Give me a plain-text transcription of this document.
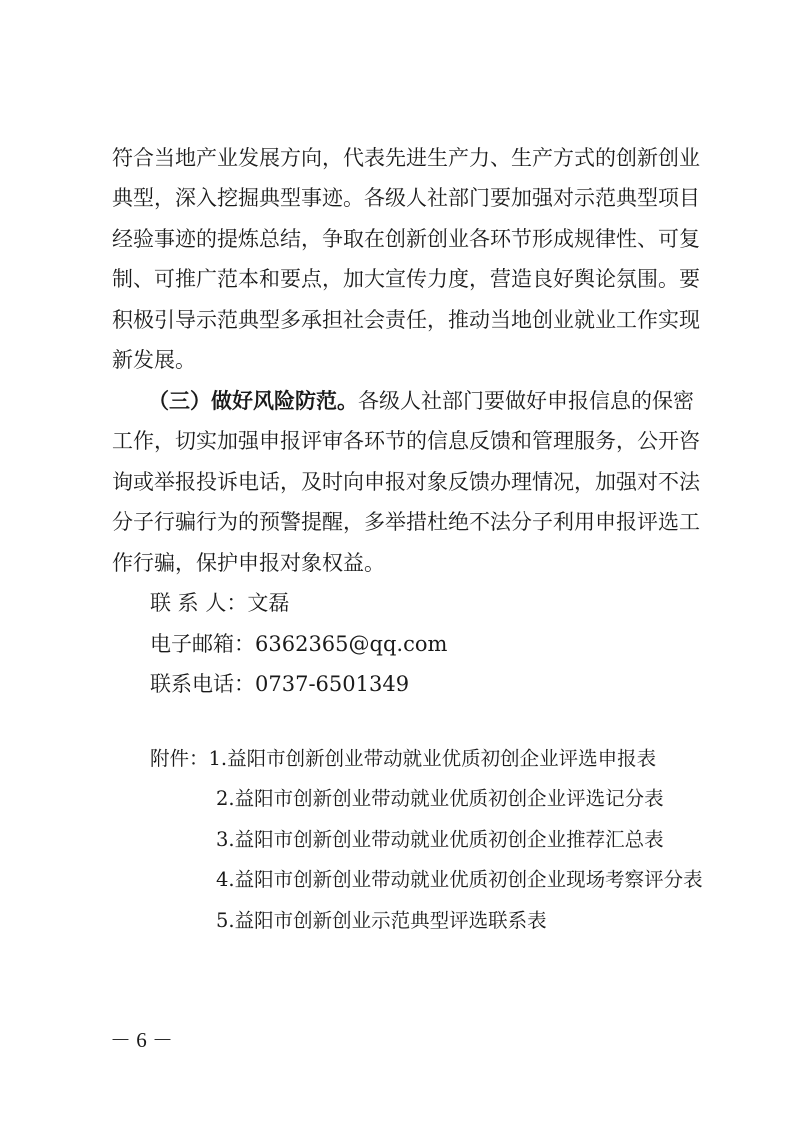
符合当地产业发展方向，代表先进生产力、生产方式的创新创业
典型，深入挖掘典型事迹。各级人社部门要加强对示范典型项目
经验事迹的提炼总结，争取在创新创业各环节形成规律性、可复
制、可推广范本和要点，加大宣传力度，营造良好舆论氛围。要
积极引导示范典型多承担社会责任，推动当地创业就业工作实现
新发展。
（三）做好风险防范。各级人社部门要做好申报信息的保密
工作，切实加强申报评审各环节的信息反馈和管理服务，公开咨
询或举报投诉电话，及时向申报对象反馈办理情况，加强对不法
分子行骗行为的预警提醒，多举措杜绝不法分子利用申报评选工
作行骗，保护申报对象权益。
联 系 人：文磊
电子邮箱：6362365@qq.com
联系电话：0737-6501349
附件：1.益阳市创新创业带动就业优质初创企业评选申报表
2.益阳市创新创业带动就业优质初创企业评选记分表
3.益阳市创新创业带动就业优质初创企业推荐汇总表
4.益阳市创新创业带动就业优质初创企业现场考察评分表
5.益阳市创新创业示范典型评选联系表
－ 6 －
